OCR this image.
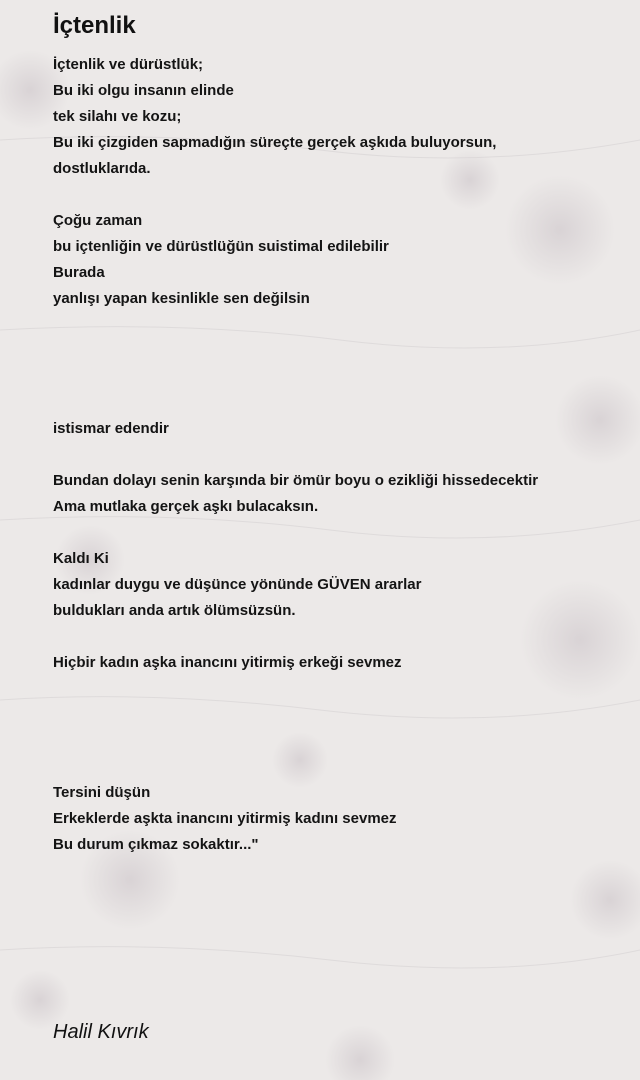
İçtenlik
İçtenlik ve dürüstlük;
Bu iki olgu insanın elinde
tek silahı ve kozu;
Bu iki çizgiden sapmadığın süreçte gerçek aşkıda buluyorsun,
dostluklarıda.
Çoğu zaman
bu içtenliğin ve dürüstlüğün suistimal edilebilir
Burada
yanlışı yapan kesinlikle sen değilsin
istismar edendir
Bundan dolayı senin karşında bir ömür boyu o ezikliği hissedecektir
Ama mutlaka gerçek aşkı bulacaksın.
Kaldı Ki
kadınlar duygu ve düşünce yönünde GÜVEN ararlar
buldukları anda artık ölümsüzsün.
Hiçbir kadın aşka inancını yitirmiş erkeği sevmez
Tersini düşün
Erkeklerde aşkta inancını yitirmiş kadını sevmez
Bu durum çıkmaz sokaktır..."

Halil Kıvrık
